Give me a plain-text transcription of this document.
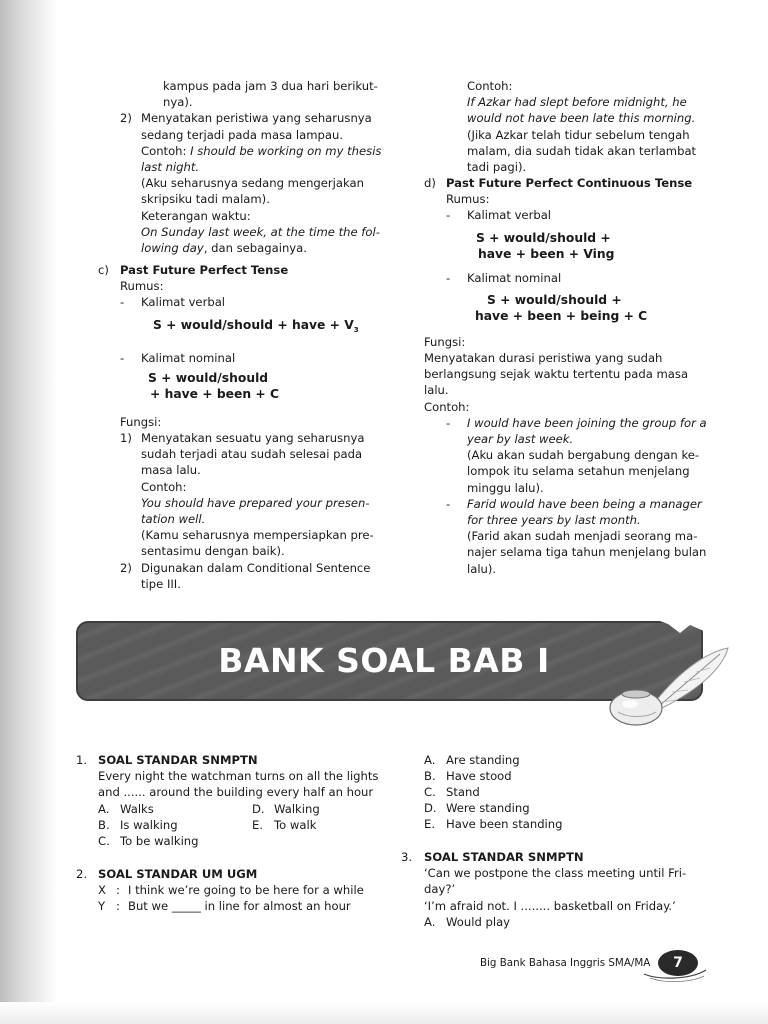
kampus pada jam 3 dua hari berikut-
nya).
2) Menyatakan peristiwa yang seharusnya
sedang terjadi pada masa lampau.
Contoh: I should be working on my thesis
last night.
(Aku seharusnya sedang mengerjakan
skripsiku tadi malam).
Keterangan waktu:
On Sunday last week, at the time the fol-
lowing day, dan sebagainya.
c) Past Future Perfect Tense
Rumus:
-	Kalimat verbal
S + would/should + have + $V_3$
-	Kalimat nominal
S + would/should
+ have + been + C
Fungsi:
1) Menyatakan sesuatu yang seharusnya
sudah terjadi atau sudah selesai pada
masa lalu.
Contoh:
You should have prepared your presen-
tation well.
(Kamu seharusnya mempersiapkan pre-
sentasimu dengan baik).
2) Digunakan dalam Conditional Sentence
tipe III.
Contoh:
If Azkar had slept before midnight, he
would not have been late this morning.
(Jika Azkar telah tidur sebelum tengah
malam, dia sudah tidak akan terlambat
tadi pagi).
d) Past Future Perfect Continuous Tense
Rumus:
-	Kalimat verbal
S + would/should +
have + been + Ving
-	Kalimat nominal
S + would/should +
have + been + being + C
Fungsi:
Menyatakan durasi peristiwa yang sudah
berlangsung sejak waktu tertentu pada masa
lalu.
Contoh:
-	I would have been joining the group for a
year by last week.
(Aku akan sudah bergabung dengan ke-
lompok itu selama setahun menjelang
minggu lalu).
-	Farid would have been being a manager
for three years by last month.
(Farid akan sudah menjadi seorang ma-
najer selama tiga tahun menjelang bulan
lalu).
BANK SOAL BAB I
1. SOAL STANDAR SNMPTN
Every night the watchman turns on all the lights
and ...... around the building every half an hour
A. Walks
B. Is walking
C. To be walking
D. Walking
E. To walk
2. SOAL STANDAR UM UGM
X : I think we’re going to be here for a while
Y : But we _____ in line for almost an hour
A. Are standing
B. Have stood
C. Stand
D. Were standing
E. Have been standing
3.	SOAL STANDAR SNMPTN
‘Can we postpone the class meeting until Fri-
day?’
‘I’m afraid not. I ........ basketball on Friday.’
A. Would play
Big Bank Bahasa Inggris SMA/MA	7
